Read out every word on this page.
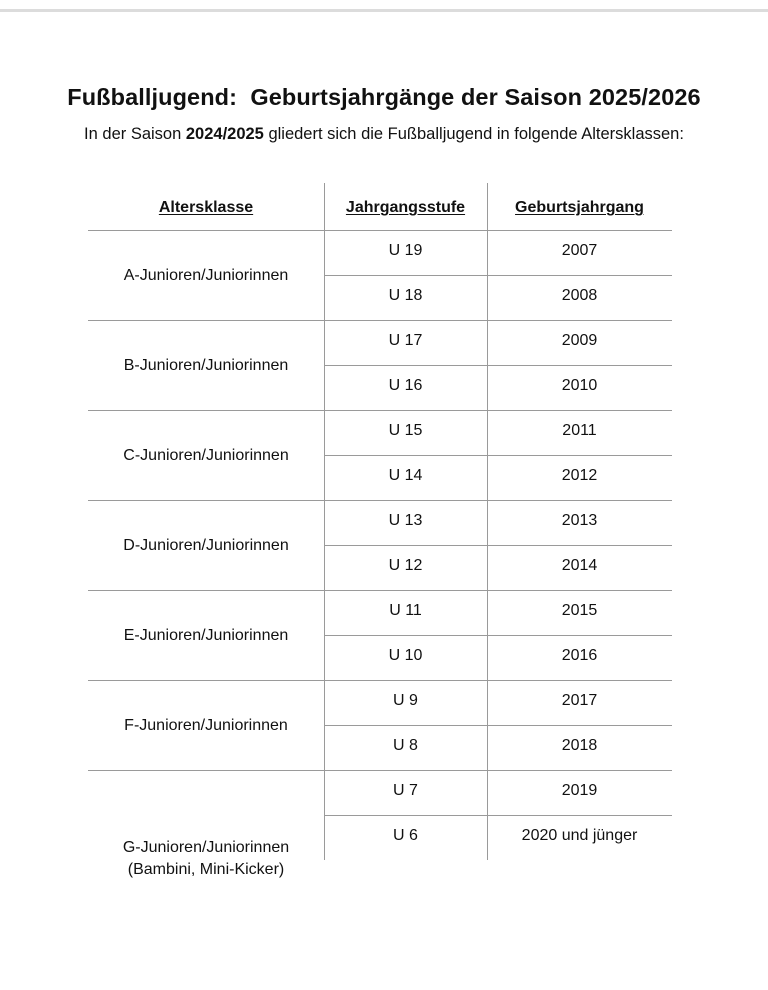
Fußballjugend:  Geburtsjahrgänge der Saison 2025/2026
In der Saison 2024/2025 gliedert sich die Fußballjugend in folgende Altersklassen:
Altersklasse	Jahrgangsstufe	Geburtsjahrgang
A-Junioren/Juniorinnen
U 19	2007
U 18	2008
B-Junioren/Juniorinnen
U 17	2009
U 16	2010
C-Junioren/Juniorinnen
U 15	2011
U 14	2012
D-Junioren/Juniorinnen
U 13	2013
U 12	2014
E-Junioren/Juniorinnen
U 11	2015
U 10	2016
F-Junioren/Juniorinnen
U 9	2017
U 8	2018
G-Junioren/Juniorinnen
(Bambini, Mini-Kicker)
U 7	2019
U 6	2020 und jünger
